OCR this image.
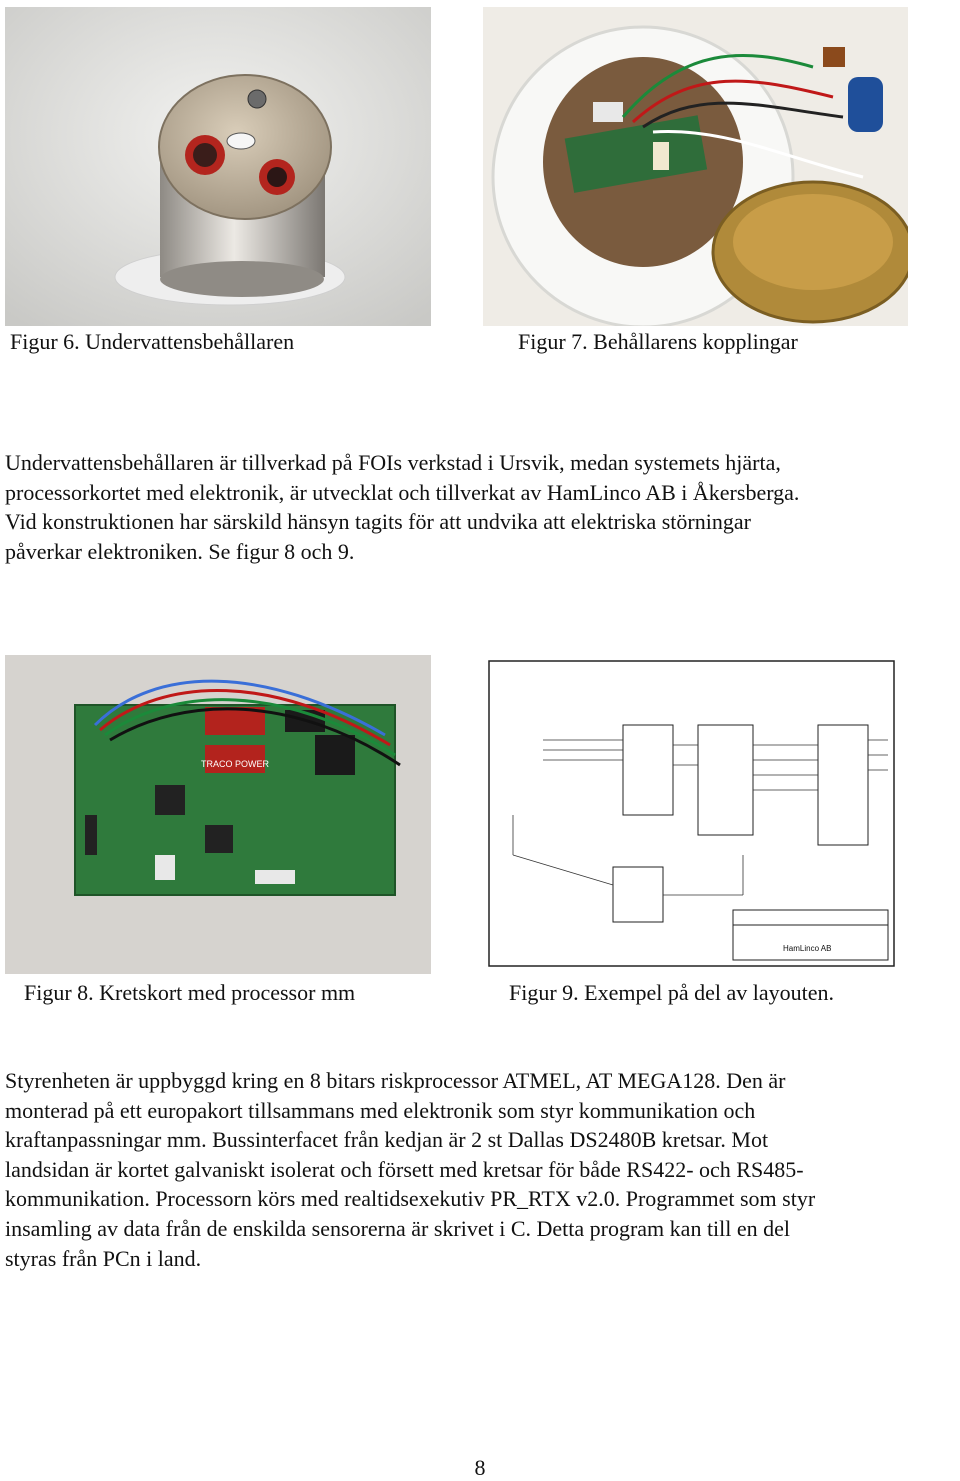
Figur 6. Undervattensbehållaren	Figur 7. Behållarens kopplingar

Undervattensbehållaren är tillverkad på FOIs verkstad i Ursvik, medan systemets hjärta,
processorkortet med elektronik, är utvecklat och tillverkat av HamLinco AB i Åkersberga.
Vid konstruktionen har särskild hänsyn tagits för att undvika att elektriska störningar
påverkar elektroniken. Se figur 8 och 9.

TRACO POWER
HamLinco AB
Figur 8. Kretskort med processor mm	Figur 9. Exempel på del av layouten.

Styrenheten är uppbyggd kring en 8 bitars riskprocessor ATMEL, AT MEGA128. Den är
monterad på ett europakort tillsammans med elektronik som styr kommunikation och
kraftanpassningar mm. Bussinterfacet från kedjan är 2 st Dallas DS2480B kretsar. Mot
landsidan är kortet galvaniskt isolerat och försett med kretsar för både RS422- och RS485-
kommunikation. Processorn körs med realtidsexekutiv PR_RTX v2.0. Programmet som styr
insamling av data från de enskilda sensorerna är skrivet i C. Detta program kan till en del
styras från PCn i land.

8
